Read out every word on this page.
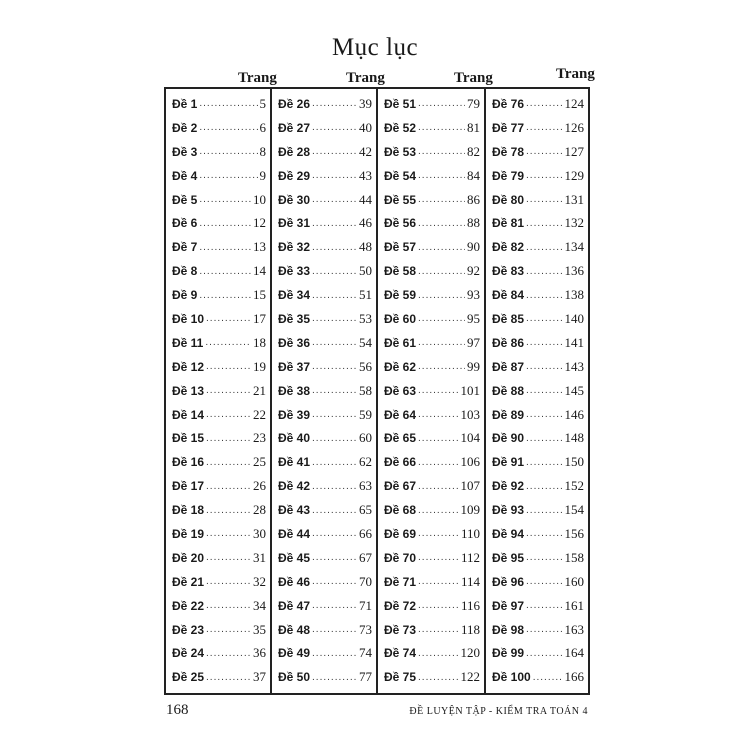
Mục lục
Trang	Trang	Trang	Trang
Đề 1 .....	5
Đề 2 .....	6
Đề 3 .....	8
Đề 4 .....	9
Đề 5 .....	10
Đề 6 .....	12
Đề 7 .....	13
Đề 8 .....	14
Đề 9 .....	15
Đề 10 .....	17
Đề 11 .....	18
Đề 12 .....	19
Đề 13 .....	21
Đề 14 .....	22
Đề 15 .....	23
Đề 16 .....	25
Đề 17 .....	26
Đề 18 .....	28
Đề 19 .....	30
Đề 20 .....	31
Đề 21 .....	32
Đề 22 .....	34
Đề 23 .....	35
Đề 24 .....	36
Đề 25 .....	37
Đề 26 .....	39
Đề 27 .....	40
Đề 28 .....	42
Đề 29 .....	43
Đề 30 .....	44
Đề 31 .....	46
Đề 32 .....	48
Đề 33 .....	50
Đề 34 .....	51
Đề 35 .....	53
Đề 36 .....	54
Đề 37 .....	56
Đề 38 .....	58
Đề 39 .....	59
Đề 40 .....	60
Đề 41 .....	62
Đề 42 .....	63
Đề 43 .....	65
Đề 44 .....	66
Đề 45 .....	67
Đề 46 .....	70
Đề 47 .....	71
Đề 48 .....	73
Đề 49 .....	74
Đề 50 .....	77
Đề 51 .....	79
Đề 52 .....	81
Đề 53 .....	82
Đề 54 .....	84
Đề 55 .....	86
Đề 56 .....	88
Đề 57 .....	90
Đề 58 .....	92
Đề 59 .....	93
Đề 60 .....	95
Đề 61 .....	97
Đề 62 .....	99
Đề 63 .....	101
Đề 64 .....	103
Đề 65 .....	104
Đề 66 .....	106
Đề 67 .....	107
Đề 68 .....	109
Đề 69 .....	110
Đề 70 .....	112
Đề 71 .....	114
Đề 72 .....	116
Đề 73 .....	118
Đề 74 .....	120
Đề 75 .....	122
Đề 76 .....	124
Đề 77 .....	126
Đề 78 .....	127
Đề 79 .....	129
Đề 80 .....	131
Đề 81 .....	132
Đề 82 .....	134
Đề 83 .....	136
Đề 84 .....	138
Đề 85 .....	140
Đề 86 .....	141
Đề 87 .....	143
Đề 88 .....	145
Đề 89 .....	146
Đề 90 .....	148
Đề 91 .....	150
Đề 92 .....	152
Đề 93 .....	154
Đề 94 .....	156
Đề 95 .....	158
Đề 96 .....	160
Đề 97 .....	161
Đề 98 .....	163
Đề 99 .....	164
Đề 100 .....	166
168	ĐỀ LUYỆN TẬP - KIỂM TRA TOÁN 4
